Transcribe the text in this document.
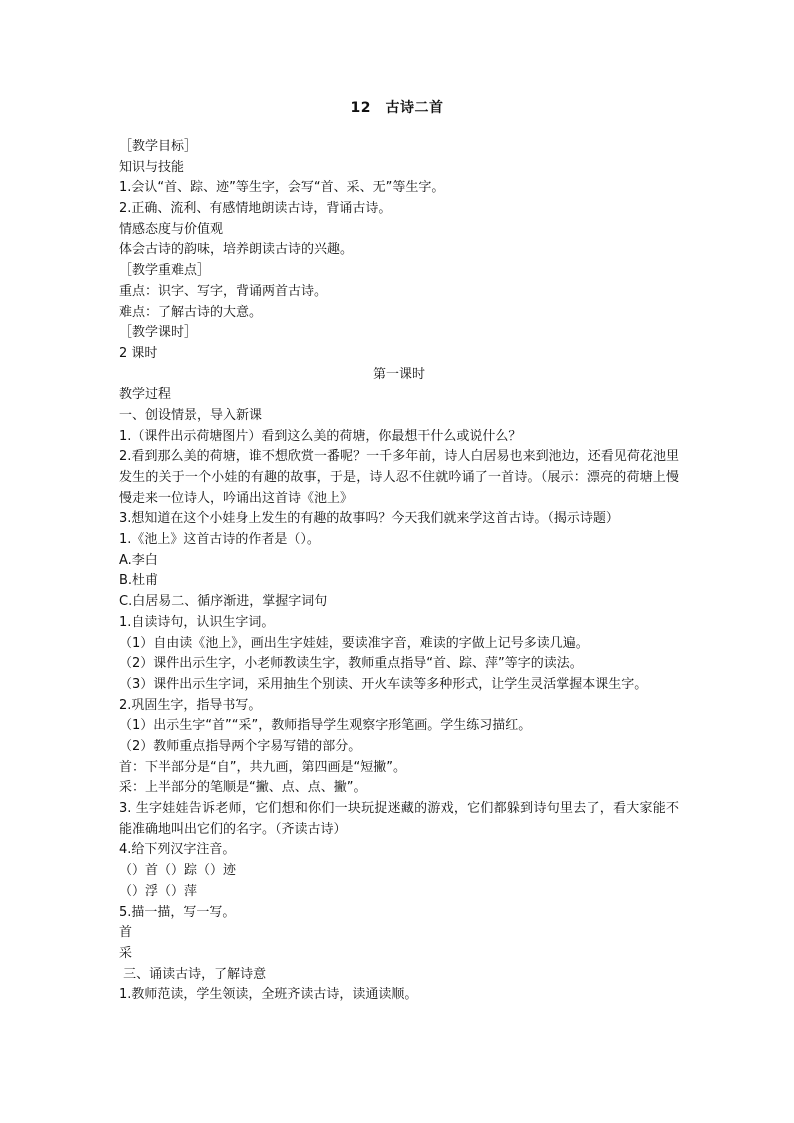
12　古诗二首
［教学目标］
知识与技能
1.会认“首、踪、迹”等生字，会写“首、采、无”等生字。
2.正确、流利、有感情地朗读古诗，背诵古诗。
情感态度与价值观
体会古诗的韵味，培养朗读古诗的兴趣。
［教学重难点］
重点：识字、写字，背诵两首古诗。
难点：了解古诗的大意。
［教学课时］
2 课时
第一课时
教学过程
一、创设情景，导入新课
1.（课件出示荷塘图片）看到这么美的荷塘，你最想干什么或说什么？
2.看到那么美的荷塘，谁不想欣赏一番呢？一千多年前，诗人白居易也来到池边，还看见荷花池里发生的关于一个小娃的有趣的故事，于是，诗人忍不住就吟诵了一首诗。（展示：漂亮的荷塘上慢慢走来一位诗人，吟诵出这首诗《池上》
3.想知道在这个小娃身上发生的有趣的故事吗？今天我们就来学这首古诗。（揭示诗题）
1.《池上》这首古诗的作者是（）。
A.李白
B.杜甫
C.白居易二、循序渐进，掌握字词句
1.自读诗句，认识生字词。
（1）自由读《池上》，画出生字娃娃，要读准字音，难读的字做上记号多读几遍。
（2）课件出示生字，小老师教读生字，教师重点指导“首、踪、萍”等字的读法。
（3）课件出示生字词，采用抽生个别读、开火车读等多种形式，让学生灵活掌握本课生字。
2.巩固生字，指导书写。
（1）出示生字“首”“采”，教师指导学生观察字形笔画。学生练习描红。
（2）教师重点指导两个字易写错的部分。
首：下半部分是“自”，共九画，第四画是“短撇”。
采：上半部分的笔顺是“撇、点、点、撇”。
3. 生字娃娃告诉老师，它们想和你们一块玩捉迷藏的游戏，它们都躲到诗句里去了，看大家能不能准确地叫出它们的名字。（齐读古诗）
4.给下列汉字注音。
（）首（）踪（）迹
（）浮（）萍
5.描一描，写一写。
首
采
三、诵读古诗，了解诗意
1.教师范读，学生领读，全班齐读古诗，读通读顺。
